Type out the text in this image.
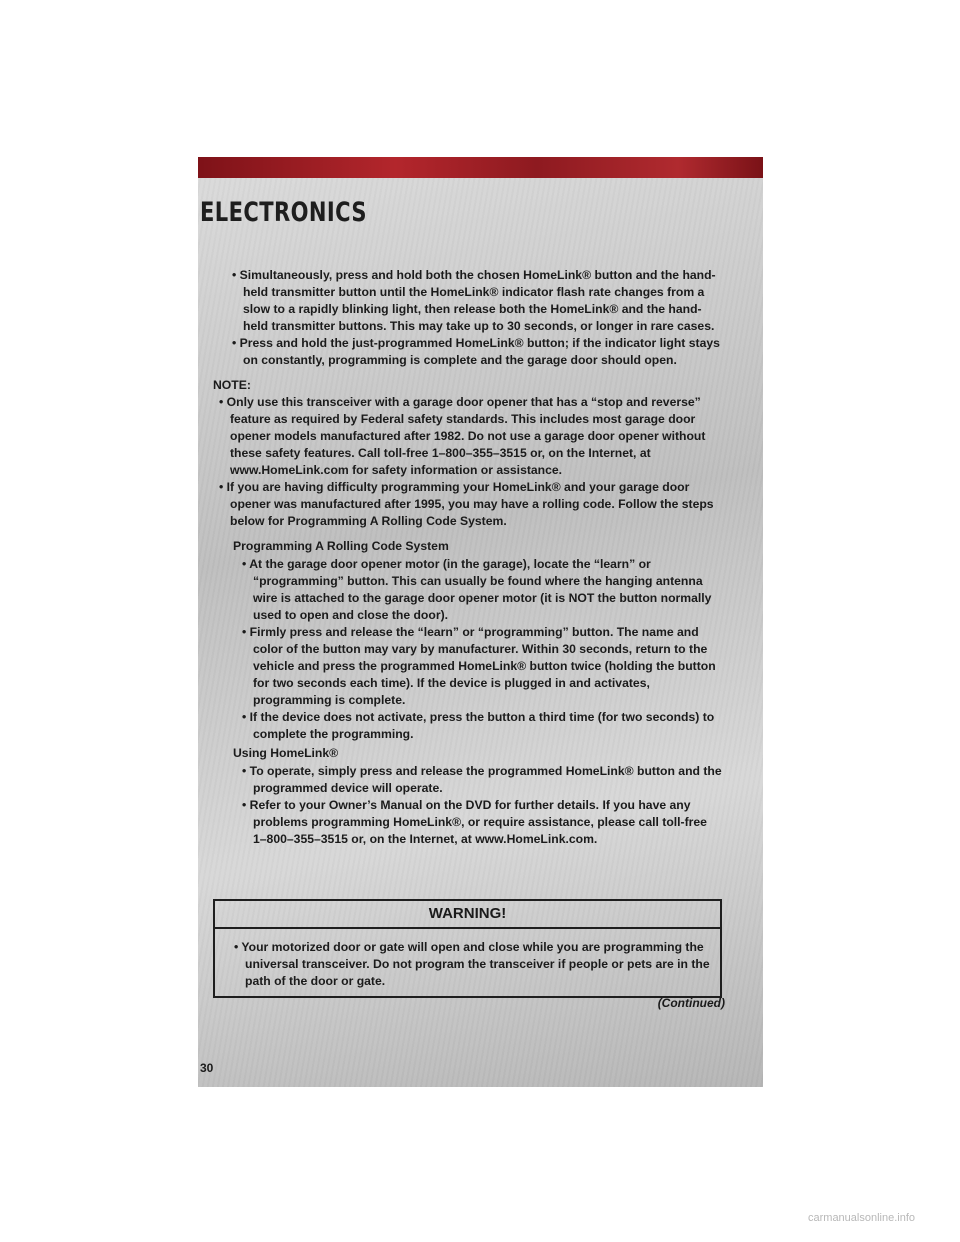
ELECTRONICS

• Simultaneously, press and hold both the chosen HomeLink® button and the hand-held transmitter button until the HomeLink® indicator flash rate changes from a slow to a rapidly blinking light, then release both the HomeLink® and the hand-held transmitter buttons. This may take up to 30 seconds, or longer in rare cases.

• Press and hold the just-programmed HomeLink® button; if the indicator light stays on constantly, programming is complete and the garage door should open.

NOTE:

• Only use this transceiver with a garage door opener that has a “stop and reverse” feature as required by Federal safety standards. This includes most garage door opener models manufactured after 1982. Do not use a garage door opener without these safety features. Call toll-free 1–800–355–3515 or, on the Internet, at www.HomeLink.com for safety information or assistance.

• If you are having difficulty programming your HomeLink® and your garage door opener was manufactured after 1995, you may have a rolling code. Follow the steps below for Programming A Rolling Code System.

Programming A Rolling Code System

• At the garage door opener motor (in the garage), locate the “learn” or “programming” button. This can usually be found where the hanging antenna wire is attached to the garage door opener motor (it is NOT the button normally used to open and close the door).

• Firmly press and release the “learn” or “programming” button. The name and color of the button may vary by manufacturer. Within 30 seconds, return to the vehicle and press the programmed HomeLink® button twice (holding the button for two seconds each time). If the device is plugged in and activates, programming is complete.

• If the device does not activate, press the button a third time (for two seconds) to complete the programming.

Using HomeLink®

• To operate, simply press and release the programmed HomeLink® button and the programmed device will operate.

• Refer to your Owner’s Manual on the DVD for further details. If you have any problems programming HomeLink®, or require assistance, please call toll-free 1–800–355–3515 or, on the Internet, at www.HomeLink.com.

WARNING!

• Your motorized door or gate will open and close while you are programming the universal transceiver. Do not program the transceiver if people or pets are in the path of the door or gate.

(Continued)
30
carmanualsonline.info
